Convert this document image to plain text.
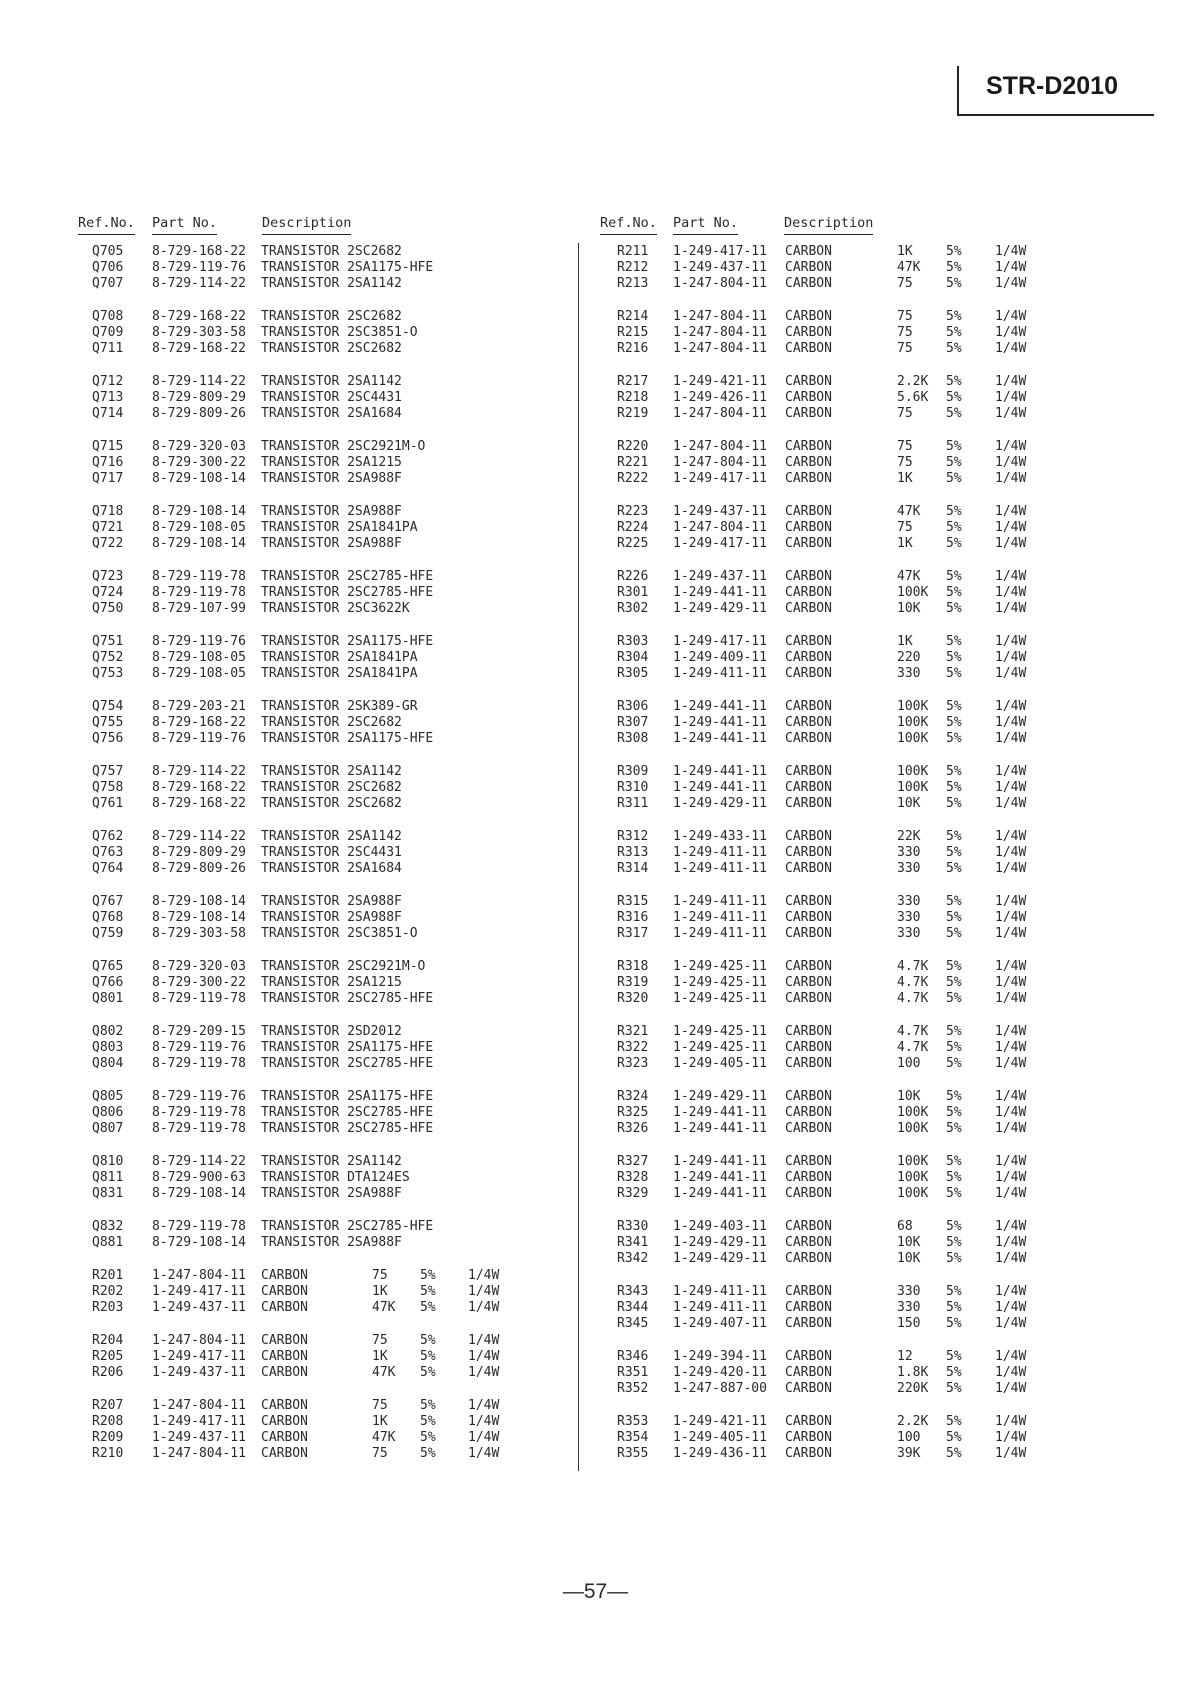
STR-D2010
Ref.No. Part No.	Description
Q705 8-729-168-22 TRANSISTOR 2SC2682
Q706 8-729-119-76 TRANSISTOR 2SA1175-HFE
Q707 8-729-114-22 TRANSISTOR 2SA1142
Q708 8-729-168-22 TRANSISTOR 2SC2682
Q709 8-729-303-58 TRANSISTOR 2SC3851-O
Q711 8-729-168-22 TRANSISTOR 2SC2682
Q712 8-729-114-22 TRANSISTOR 2SA1142
Q713 8-729-809-29 TRANSISTOR 2SC4431
Q714 8-729-809-26 TRANSISTOR 2SA1684
Q715 8-729-320-03 TRANSISTOR 2SC2921M-O
Q716 8-729-300-22 TRANSISTOR 2SA1215
Q717 8-729-108-14 TRANSISTOR 2SA988F
Q718 8-729-108-14 TRANSISTOR 2SA988F
Q721 8-729-108-05 TRANSISTOR 2SA1841PA
Q722 8-729-108-14 TRANSISTOR 2SA988F
Q723 8-729-119-78 TRANSISTOR 2SC2785-HFE
Q724 8-729-119-78 TRANSISTOR 2SC2785-HFE
Q750 8-729-107-99 TRANSISTOR 2SC3622K
Q751 8-729-119-76 TRANSISTOR 2SA1175-HFE
Q752 8-729-108-05 TRANSISTOR 2SA1841PA
Q753 8-729-108-05 TRANSISTOR 2SA1841PA
Q754 8-729-203-21 TRANSISTOR 2SK389-GR
Q755 8-729-168-22 TRANSISTOR 2SC2682
Q756 8-729-119-76 TRANSISTOR 2SA1175-HFE
Q757 8-729-114-22 TRANSISTOR 2SA1142
Q758 8-729-168-22 TRANSISTOR 2SC2682
Q761 8-729-168-22 TRANSISTOR 2SC2682
Q762 8-729-114-22 TRANSISTOR 2SA1142
Q763 8-729-809-29 TRANSISTOR 2SC4431
Q764 8-729-809-26 TRANSISTOR 2SA1684
Q767 8-729-108-14 TRANSISTOR 2SA988F
Q768 8-729-108-14 TRANSISTOR 2SA988F
Q759 8-729-303-58 TRANSISTOR 2SC3851-O
Q765 8-729-320-03 TRANSISTOR 2SC2921M-O
Q766 8-729-300-22 TRANSISTOR 2SA1215
Q801 8-729-119-78 TRANSISTOR 2SC2785-HFE
Q802 8-729-209-15 TRANSISTOR 2SD2012
Q803 8-729-119-76 TRANSISTOR 2SA1175-HFE
Q804 8-729-119-78 TRANSISTOR 2SC2785-HFE
Q805 8-729-119-76 TRANSISTOR 2SA1175-HFE
Q806 8-729-119-78 TRANSISTOR 2SC2785-HFE
Q807 8-729-119-78 TRANSISTOR 2SC2785-HFE
Q810 8-729-114-22 TRANSISTOR 2SA1142
Q811 8-729-900-63 TRANSISTOR DTA124ES
Q831 8-729-108-14 TRANSISTOR 2SA988F
Q832 8-729-119-78 TRANSISTOR 2SC2785-HFE
Q881 8-729-108-14 TRANSISTOR 2SA988F
R201 1-247-804-11 CARBON	75 5% 1/4W
R202 1-249-417-11 CARBON	1K 5% 1/4W
R203 1-249-437-11 CARBON	47K 5% 1/4W
R204 1-247-804-11 CARBON	75 5% 1/4W
R205 1-249-417-11 CARBON	1K 5% 1/4W
R206 1-249-437-11 CARBON	47K 5% 1/4W
R207 1-247-804-11 CARBON	75 5% 1/4W
R208 1-249-417-11 CARBON	1K 5% 1/4W
R209 1-249-437-11 CARBON	47K 5% 1/4W
R210 1-247-804-11 CARBON	75 5% 1/4W
Ref.No. Part No.	Description
R211 1-249-417-11 CARBON	1K	5%	1/4W
R212 1-249-437-11 CARBON	47K 5%	1/4W
R213 1-247-804-11 CARBON	75	5%	1/4W
R214 1-247-804-11 CARBON	75	5%	1/4W
R215 1-247-804-11 CARBON	75	5%	1/4W
R216 1-247-804-11 CARBON	75	5%	1/4W
R217 1-249-421-11 CARBON	2.2K 5%	1/4W
R218 1-249-426-11 CARBON	5.6K 5%	1/4W
R219 1-247-804-11 CARBON	75	5%	1/4W
R220 1-247-804-11 CARBON	75	5%	1/4W
R221 1-247-804-11 CARBON	75	5%	1/4W
R222 1-249-417-11 CARBON	1K	5%	1/4W
R223 1-249-437-11 CARBON	47K 5%	1/4W
R224 1-247-804-11 CARBON	75	5%	1/4W
R225 1-249-417-11 CARBON	1K	5%	1/4W
R226 1-249-437-11 CARBON	47K 5%	1/4W
R301 1-249-441-11 CARBON	100K 5%	1/4W
R302 1-249-429-11 CARBON	10K 5%	1/4W
R303 1-249-417-11 CARBON	1K	5%	1/4W
R304 1-249-409-11 CARBON	220 5%	1/4W
R305 1-249-411-11 CARBON	330 5%	1/4W
R306 1-249-441-11 CARBON	100K 5%	1/4W
R307 1-249-441-11 CARBON	100K 5%	1/4W
R308 1-249-441-11 CARBON	100K 5%	1/4W
R309 1-249-441-11 CARBON	100K 5%	1/4W
R310 1-249-441-11 CARBON	100K 5%	1/4W
R311 1-249-429-11 CARBON	10K 5%	1/4W
R312 1-249-433-11 CARBON	22K 5%	1/4W
R313 1-249-411-11 CARBON	330 5%	1/4W
R314 1-249-411-11 CARBON	330 5%	1/4W
R315 1-249-411-11 CARBON	330 5%	1/4W
R316 1-249-411-11 CARBON	330 5%	1/4W
R317 1-249-411-11 CARBON	330 5%	1/4W
R318 1-249-425-11 CARBON	4.7K 5%	1/4W
R319 1-249-425-11 CARBON	4.7K 5%	1/4W
R320 1-249-425-11 CARBON	4.7K 5%	1/4W
R321 1-249-425-11 CARBON	4.7K 5%	1/4W
R322 1-249-425-11 CARBON	4.7K 5%	1/4W
R323 1-249-405-11 CARBON	100 5%	1/4W
R324 1-249-429-11 CARBON	10K 5%	1/4W
R325 1-249-441-11 CARBON	100K 5%	1/4W
R326 1-249-441-11 CARBON	100K 5%	1/4W
R327 1-249-441-11 CARBON	100K 5%	1/4W
R328 1-249-441-11 CARBON	100K 5%	1/4W
R329 1-249-441-11 CARBON	100K 5%	1/4W
R330 1-249-403-11 CARBON	68	5%	1/4W
R341 1-249-429-11 CARBON	10K 5%	1/4W
R342 1-249-429-11 CARBON	10K 5%	1/4W
R343 1-249-411-11 CARBON	330 5%	1/4W
R344 1-249-411-11 CARBON	330 5%	1/4W
R345 1-249-407-11 CARBON	150 5%	1/4W
R346 1-249-394-11 CARBON	12	5%	1/4W
R351 1-249-420-11 CARBON	1.8K 5%	1/4W
R352 1-247-887-00 CARBON	220K 5%	1/4W
R353 1-249-421-11 CARBON	2.2K 5%	1/4W
R354 1-249-405-11 CARBON	100 5%	1/4W
R355 1-249-436-11 CARBON	39K 5%	1/4W
—57—
